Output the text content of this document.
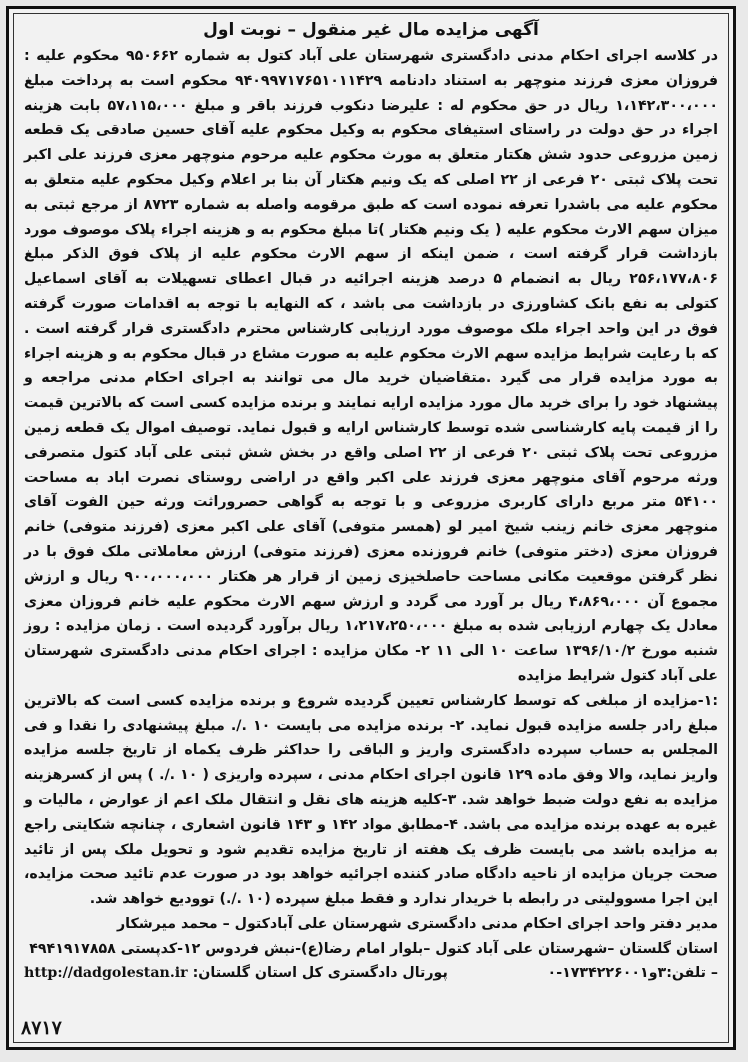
آگهی مزایده مال غیر منقول – نوبت اول

در کلاسه اجرای احکام مدنی دادگستری شهرستان علی آباد کتول به شماره ۹۵۰۶۶۲ محکوم علیه : فروزان معزی فرزند منوچهر به استناد دادنامه ۹۴۰۹۹۷۱۷۶۵۱۰۱۱۴۲۹ محکوم است به پرداخت مبلغ ۱،۱۴۲،۳۰۰،۰۰۰ ریال در حق محکوم له : علیرضا دنکوب فرزند باقر و مبلغ ۵۷،۱۱۵،۰۰۰ بابت هزینه اجراء در حق دولت در راستای استیفای محکوم به وکیل محکوم علیه آقای حسین صادقی یک قطعه زمین مزروعی حدود شش هکتار متعلق به مورث محکوم علیه مرحوم منوچهر معزی فرزند علی اکبر تحت پلاک ثبتی ۲۰ فرعی از ۲۲ اصلی که یک ونیم هکتار آن بنا بر اعلام وکیل محکوم علیه متعلق به محکوم علیه می باشدرا تعرفه نموده است که طبق مرقومه واصله به شماره ۸۷۲۳ از مرجع ثبتی به میزان سهم الارث محکوم علیه ( یک ونیم هکتار )تا مبلغ محکوم به و هزینه اجراء پلاک موصوف مورد بازداشت قرار گرفته است ، ضمن اینکه از سهم الارث محکوم علیه از پلاک فوق الذکر مبلغ ۲۵۶،۱۷۷،۸۰۶ ریال به انضمام ۵ درصد هزینه اجرائیه در قبال اعطای تسهیلات به آقای اسماعیل کتولی به نفع بانک کشاورزی در بازداشت می باشد ، که النهایه با توجه به اقدامات صورت گرفته فوق در این واحد اجراء ملک موصوف مورد ارزیابی کارشناس محترم دادگستری قرار گرفته است . که با رعایت شرایط مزایده سهم الارث محکوم علیه به صورت مشاع در قبال محکوم به و هزینه اجراء به مورد مزایده قرار می گیرد .متقاضیان خرید مال می توانند به اجرای احکام مدنی مراجعه و پیشنهاد خود را برای خرید مال مورد مزایده ارایه نمایند و برنده مزایده کسی است که بالاترین قیمت را از قیمت پایه کارشناسی شده توسط کارشناس ارایه و قبول نماید. توصیف اموال یک قطعه زمین مزروعی تحت پلاک ثبتی ۲۰ فرعی از ۲۲ اصلی واقع در بخش شش ثبتی علی آباد کتول متصرفی ورثه مرحوم آقای منوچهر معزی فرزند علی اکبر واقع در اراضی روستای نصرت اباد به مساحت ۵۴۱۰۰ متر مربع دارای کاربری مزروعی و با توجه به گواهی حصروراثت ورثه حین الفوت آقای منوچهر معزی خانم زینب شیخ امیر لو (همسر متوفی) آقای علی اکبر معزی (فرزند متوفی) خانم فروزان معزی (دختر متوفی) خانم فروزنده معزی (فرزند متوفی) ارزش معاملاتی ملک فوق با در نظر گرفتن موقعیت مکانی مساحت حاصلخیزی زمین از قرار هر هکتار ۹۰۰،۰۰۰،۰۰۰ ریال و ارزش مجموع آن ۴،۸۶۹،۰۰۰ ریال بر آورد می گردد و ارزش سهم الارث محکوم علیه خانم فروزان معزی معادل یک چهارم ارزیابی شده به مبلغ ۱،۲۱۷،۲۵۰،۰۰۰ ریال برآورد گردیده است . زمان مزایده : روز شنبه مورخ ۱۳۹۶/۱۰/۲ ساعت ۱۰ الی ۱۱ ۲- مکان مزایده : اجرای احکام مدنی دادگستری شهرستان علی آباد کتول شرایط مزایده

:۱-مزایده از مبلغی که توسط کارشناس تعیین گردیده شروع و برنده مزایده کسی است که بالاترین مبلغ رادر جلسه مزایده قبول نماید. ۲- برنده مزایده می بایست ۱۰ ./. مبلغ پیشنهادی را نقدا و فی المجلس به حساب سپرده دادگستری واریز و الباقی را حداکثر ظرف یکماه از تاریخ جلسه مزایده واریز نماید، والا وفق ماده ۱۲۹ قانون اجرای احکام مدنی ، سپرده واریزی ( ۱۰ ./. ) پس از کسرهزینه مزایده به نفع دولت ضبط خواهد شد. ۳-کلیه هزینه های نقل و انتقال ملک اعم از عوارض ، مالیات و غیره به عهده برنده مزایده می باشد. ۴-مطابق مواد ۱۴۲ و ۱۴۳ قانون اشعاری ، چنانچه شکایتی راجع به مزایده باشد می بایست ظرف یک هفته از تاریخ مزایده تقدیم شود و تحویل ملک پس از تائید صحت جریان مزایده از ناحیه دادگاه صادر کننده اجرائیه خواهد بود در صورت عدم تائید صحت مزایده، این اجرا مسوولیتی در رابطه با خریدار ندارد و فقط مبلغ سپرده (۱۰ ./.) توودیع خواهد شد.

مدیر دفتر واحد اجرای احکام مدنی دادگستری شهرستان علی آبادکتول – محمد میرشکار
استان گلستان –شهرستان علی آباد کتول –بلوار امام رضا(ع)-نبش فردوس ۱۲-کدپستی ۴۹۴۱۹۱۷۸۵۸
– تلفن:۳و۱۷۳۴۲۲۶۰۰۱-۰
پورتال دادگستری کل استان گلستان: http://dadgolestan.ir
۸۷۱۷
